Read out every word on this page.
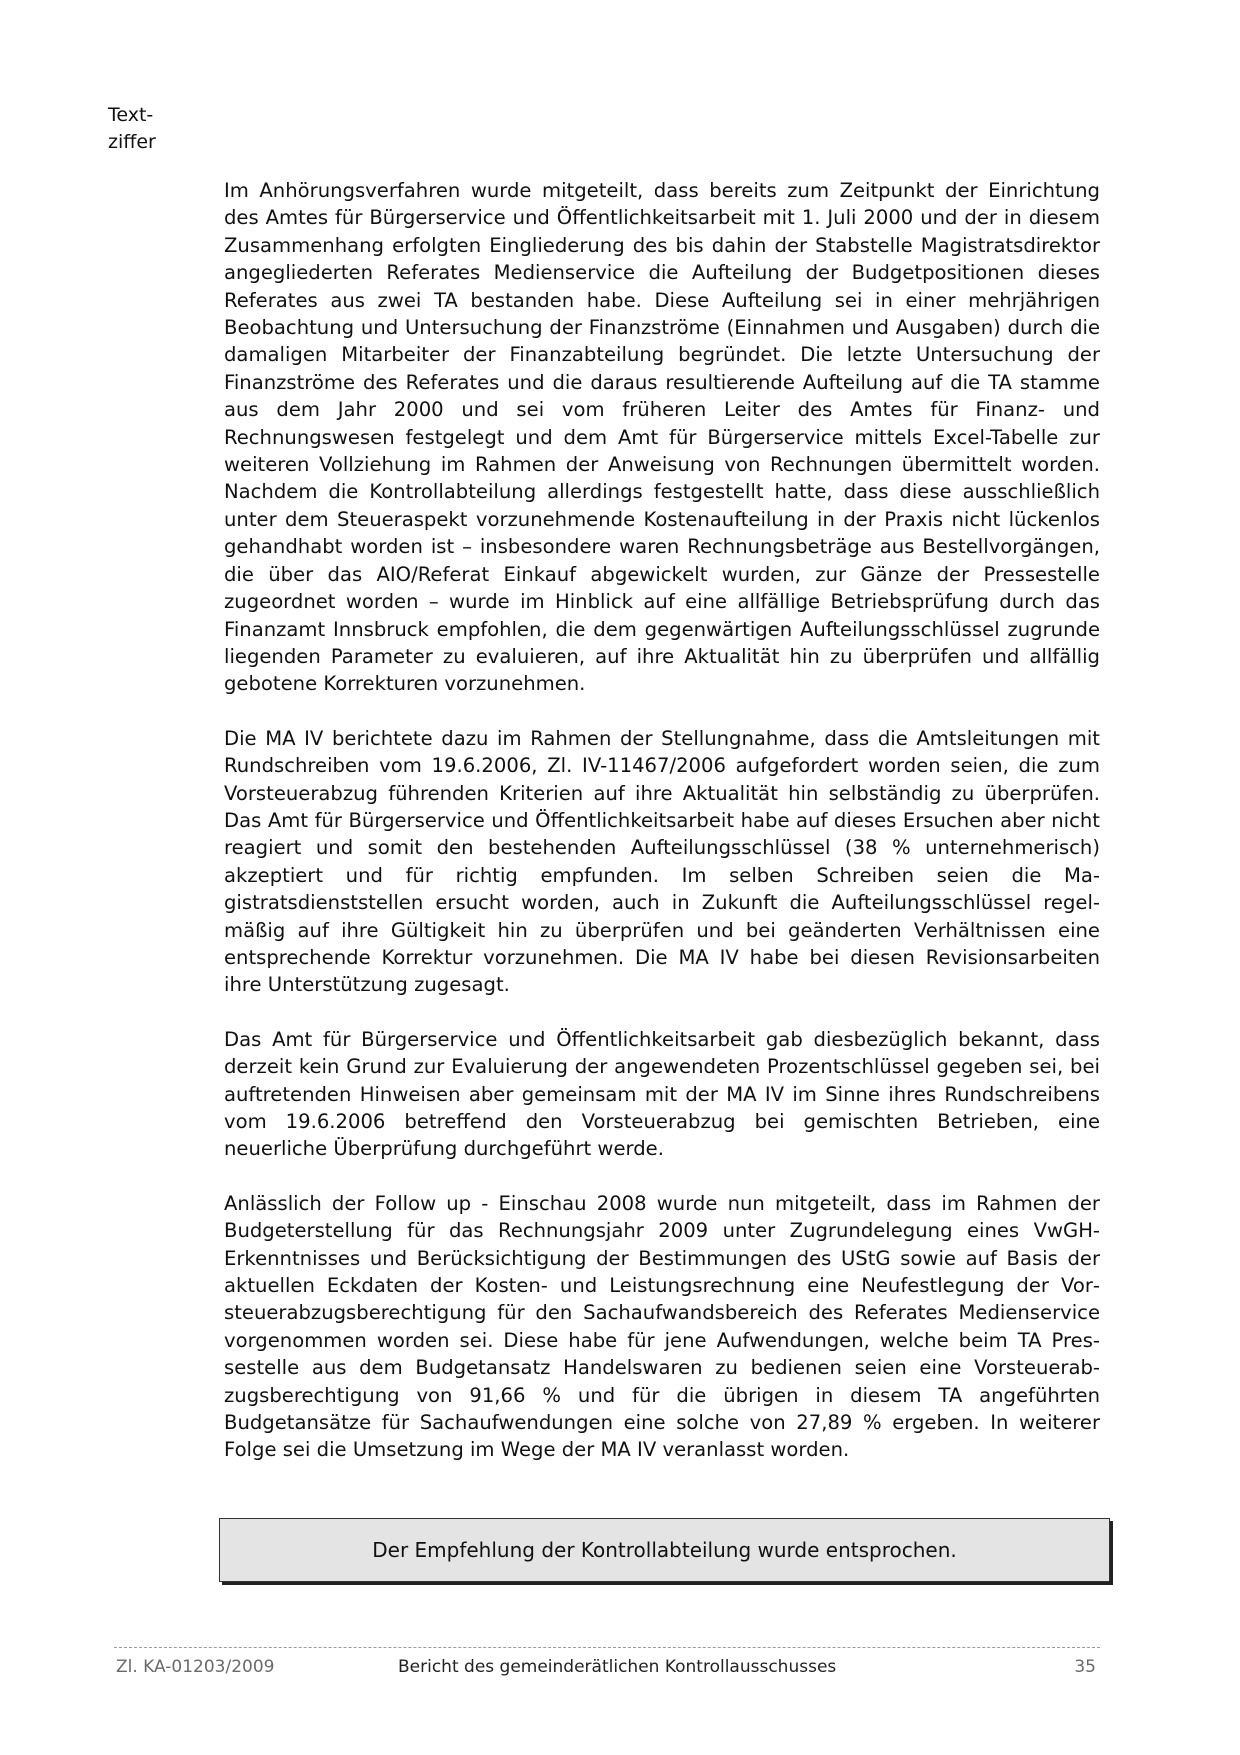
Text-
ziffer

Im Anhörungsverfahren wurde mitgeteilt, dass bereits zum Zeitpunkt der Einrichtung des Amtes für Bürgerservice und Öffentlichkeitsarbeit mit 1. Juli 2000 und der in diesem Zusammenhang erfolgten Eingliederung des bis dahin der Stabstelle Magistratsdirektor angegliederten Referates Medienservice die Aufteilung der Budgetpositionen dieses Referates aus zwei TA bestanden habe. Diese Aufteilung sei in einer mehrjährigen Beobachtung und Untersuchung der Finanzströme (Einnahmen und Ausgaben) durch die damaligen Mitarbeiter der Finanzabteilung begründet. Die letzte Untersuchung der Finanzströme des Referates und die daraus resultierende Aufteilung auf die TA stamme aus dem Jahr 2000 und sei vom früheren Leiter des Amtes für Finanz- und Rechnungswesen festgelegt und dem Amt für Bürgerservice mittels Excel-Tabelle zur weiteren Vollziehung im Rahmen der Anweisung von Rechnungen übermittelt worden. Nachdem die Kontrollabteilung allerdings festgestellt hatte, dass diese ausschließlich unter dem Steueraspekt vorzunehmende Kostenaufteilung in der Praxis nicht lückenlos gehandhabt worden ist – insbesondere waren Rechnungsbeträge aus Bestellvorgängen, die über das AIO/Referat Einkauf abgewickelt wurden, zur Gänze der Pressestelle zugeordnet worden – wurde im Hinblick auf eine allfällige Betriebsprüfung durch das Finanzamt Innsbruck empfohlen, die dem gegenwärtigen Aufteilungsschlüssel zugrunde liegenden Parameter zu evaluieren, auf ihre Aktualität hin zu überprüfen und allfällig gebotene Korrekturen vorzunehmen.

Die MA IV berichtete dazu im Rahmen der Stellungnahme, dass die Amtsleitungen mit Rundschreiben vom 19.6.2006, Zl. IV-11467/2006 aufgefordert worden seien, die zum Vorsteuerabzug führenden Kriterien auf ihre Aktualität hin selbständig zu überprüfen. Das Amt für Bürgerservice und Öffentlichkeitsarbeit habe auf dieses Ersuchen aber nicht reagiert und somit den bestehenden Aufteilungsschlüssel (38 % unternehmerisch) akzeptiert und für richtig empfunden. Im selben Schreiben seien die Magistratsdienststellen ersucht worden, auch in Zukunft die Aufteilungsschlüssel regelmäßig auf ihre Gültigkeit hin zu überprüfen und bei geänderten Verhältnissen eine entsprechende Korrektur vorzunehmen. Die MA IV habe bei diesen Revisionsarbeiten ihre Unterstützung zugesagt.

Das Amt für Bürgerservice und Öffentlichkeitsarbeit gab diesbezüglich bekannt, dass derzeit kein Grund zur Evaluierung der angewendeten Prozentschlüssel gegeben sei, bei auftretenden Hinweisen aber gemeinsam mit der MA IV im Sinne ihres Rundschreibens vom 19.6.2006 betreffend den Vorsteuerabzug bei gemischten Betrieben, eine neuerliche Überprüfung durchgeführt werde.

Anlässlich der Follow up - Einschau 2008 wurde nun mitgeteilt, dass im Rahmen der Budgeterstellung für das Rechnungsjahr 2009 unter Zugrundelegung eines VwGH-Erkenntnisses und Berücksichtigung der Bestimmungen des UStG sowie auf Basis der aktuellen Eckdaten der Kosten- und Leistungsrechnung eine Neufestlegung der Vorsteuerabzugsberechtigung für den Sachaufwandsbereich des Referates Medienservice vorgenommen worden sei. Diese habe für jene Aufwendungen, welche beim TA Pressestelle aus dem Budgetansatz Handelswaren zu bedienen seien eine Vorsteuerabzugsberechtigung von 91,66 % und für die übrigen in diesem TA angeführten Budgetansätze für Sachaufwendungen eine solche von 27,89 % ergeben. In weiterer Folge sei die Umsetzung im Wege der MA IV veranlasst worden.

Der Empfehlung der Kontrollabteilung wurde entsprochen.
Zl. KA-01203/2009	Bericht des gemeinderätlichen Kontrollausschusses	35
